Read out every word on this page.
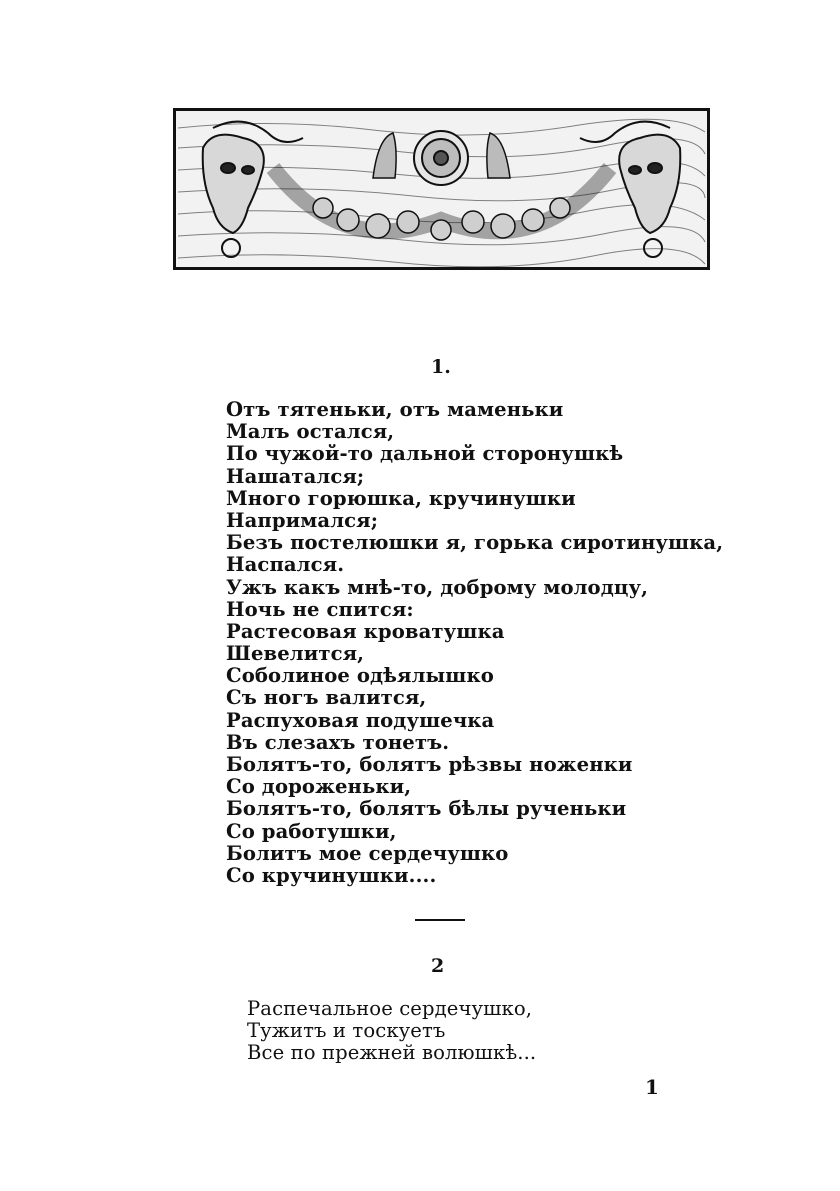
1.
Отъ тятеньки, отъ маменьки
Малъ остался,
По чужой-то дальной сторонушкѣ
Нашатался;
Много горюшка, кручинушки
Напримался;
Безъ постелюшки я, горька сиротинушка,
Наспался.
Ужъ какъ мнѣ-то, доброму молодцу,
Ночь не спится:
Растесовая кроватушка
Шевелится,
Соболиное одѣялышко
Съ ногъ валится,
Распуховая подушечка
Въ слезахъ тонетъ.
Болятъ-то, болятъ рѣзвы ноженки
Со дороженьки,
Болятъ-то, болятъ бѣлы рученьки
Со работушки,
Болитъ мое сердечушко
Со кручинушки....
2
Распечальное сердечушко,
Тужитъ и тоскуетъ
Все по прежней волюшкѣ...
1
